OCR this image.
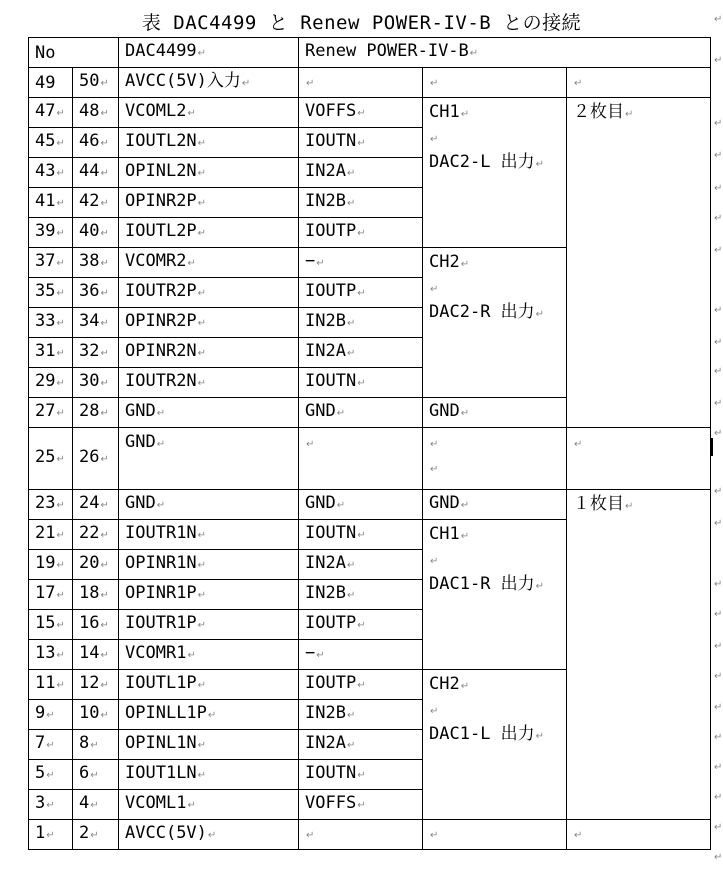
表 DAC4499 と Renew POWER-IV-B との接続
No		DAC4499↵	Renew POWER-IV-B↵		
49	50↵	AVCC(5V)入力↵	↵	↵	↵
47↵	48↵	VCOML2↵	VOFFS↵	CH1↵
↵
DAC2-L 出力↵	２枚目↵
45↵	46↵	IOUTL2N↵	IOUTN↵		
43↵	44↵	OPINL2N↵	IN2A↵		
41↵	42↵	OPINR2P↵	IN2B↵		
39↵	40↵	IOUTL2P↵	IOUTP↵		
37↵	38↵	VCOMR2↵	−↵	CH2↵
↵
DAC2-R 出力↵	
35↵	36↵	IOUTR2P↵	IOUTP↵		
33↵	34↵	OPINR2P↵	IN2B↵		
31↵	32↵	OPINR2N↵	IN2A↵		
29↵	30↵	IOUTR2N↵	IOUTN↵		
27↵	28↵	GND↵	GND↵	GND↵	
25↵	26↵	GND↵	↵	↵
↵	↵
23↵	24↵	GND↵	GND↵	GND↵	１枚目↵
21↵	22↵	IOUTR1N↵	IOUTN↵	CH1↵
↵
DAC1-R 出力↵	
19↵	20↵	OPINR1N↵	IN2A↵		
17↵	18↵	OPINR1P↵	IN2B↵		
15↵	16↵	IOUTR1P↵	IOUTP↵		
13↵	14↵	VCOMR1↵	−↵		
11↵	12↵	IOUTL1P↵	IOUTP↵	CH2↵
↵
DAC1-L 出力↵	
9↵	10↵	OPINLL1P↵	IN2B↵		
7↵	8↵	OPINL1N↵	IN2A↵		
5↵	6↵	IOUT1LN↵	IOUTN↵		
3↵	4↵	VCOML1↵	VOFFS↵		
1↵	2↵	AVCC(5V)↵	↵	↵	↵
↵
↵
↵
↵
↵
↵
↵
↵
↵
↵
↵
↵
↵
↵
↵
↵
↵
↵
↵
↵
↵
↵
↵
↵
